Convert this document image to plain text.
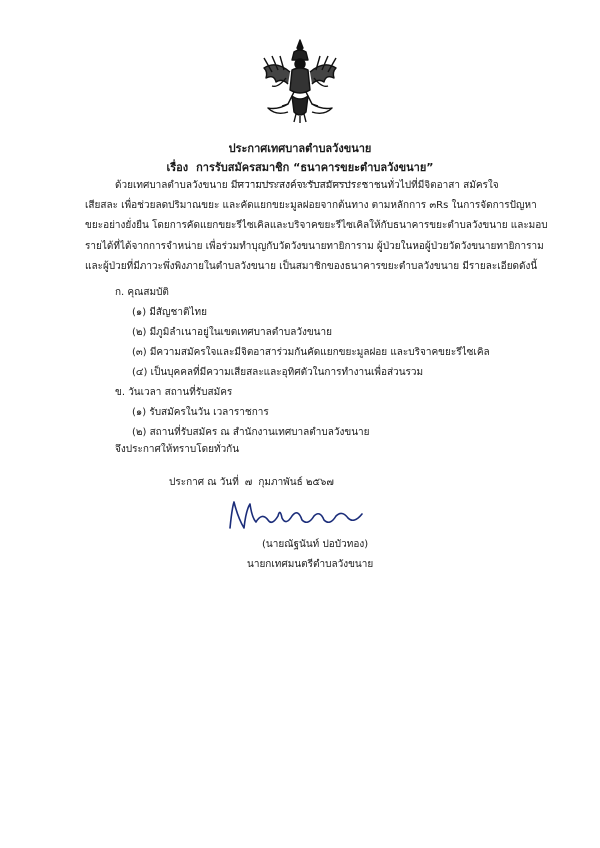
ประกาศเทศบาลตำบลวังขนาย
เรื่อง การรับสมัครสมาชิก “ธนาคารขยะตำบลวังขนาย”
ด้วยเทศบาลตำบลวังขนาย มีความประสงค์จะรับสมัครประชาชนทั่วไปที่มีจิตอาสา สมัครใจ
เสียสละ เพื่อช่วยลดปริมาณขยะ และคัดแยกขยะมูลฝอยจากต้นทาง ตามหลักการ ๓Rs ในการจัดการปัญหา
ขยะอย่างยั่งยืน โดยการคัดแยกขยะรีไซเคิลและบริจาคขยะรีไซเคิลให้กับธนาคารขยะตำบลวังขนาย และมอบ
รายได้ที่ได้จากการจำหน่าย เพื่อร่วมทำบุญกับวัดวังขนายทายิการาม ผู้ป่วยในหอผู้ป่วยวัดวังขนายทายิการาม
และผู้ป่วยที่มีภาวะพึ่งพิงภายในตำบลวังขนาย เป็นสมาชิกของธนาคารขยะตำบลวังขนาย มีรายละเอียดดังนี้
ก. คุณสมบัติ
(๑) มีสัญชาติไทย
(๒) มีภูมิลำเนาอยู่ในเขตเทศบาลตำบลวังขนาย
(๓) มีความสมัครใจและมีจิตอาสาร่วมกันคัดแยกขยะมูลฝอย และบริจาคขยะรีไซเคิล
(๔) เป็นบุคคลที่มีความเสียสละและอุทิศตัวในการทำงานเพื่อส่วนรวม
ข. วันเวลา สถานที่รับสมัคร
(๑) รับสมัครในวัน เวลาราชการ
(๒) สถานที่รับสมัคร ณ สำนักงานเทศบาลตำบลวังขนาย
จึงประกาศให้ทราบโดยทั่วกัน
ประกาศ ณ วันที่ ๗ กุมภาพันธ์ ๒๕๖๗
(นายณัฐนันท์ ปอบัวทอง)
นายกเทศมนตรีตำบลวังขนาย
